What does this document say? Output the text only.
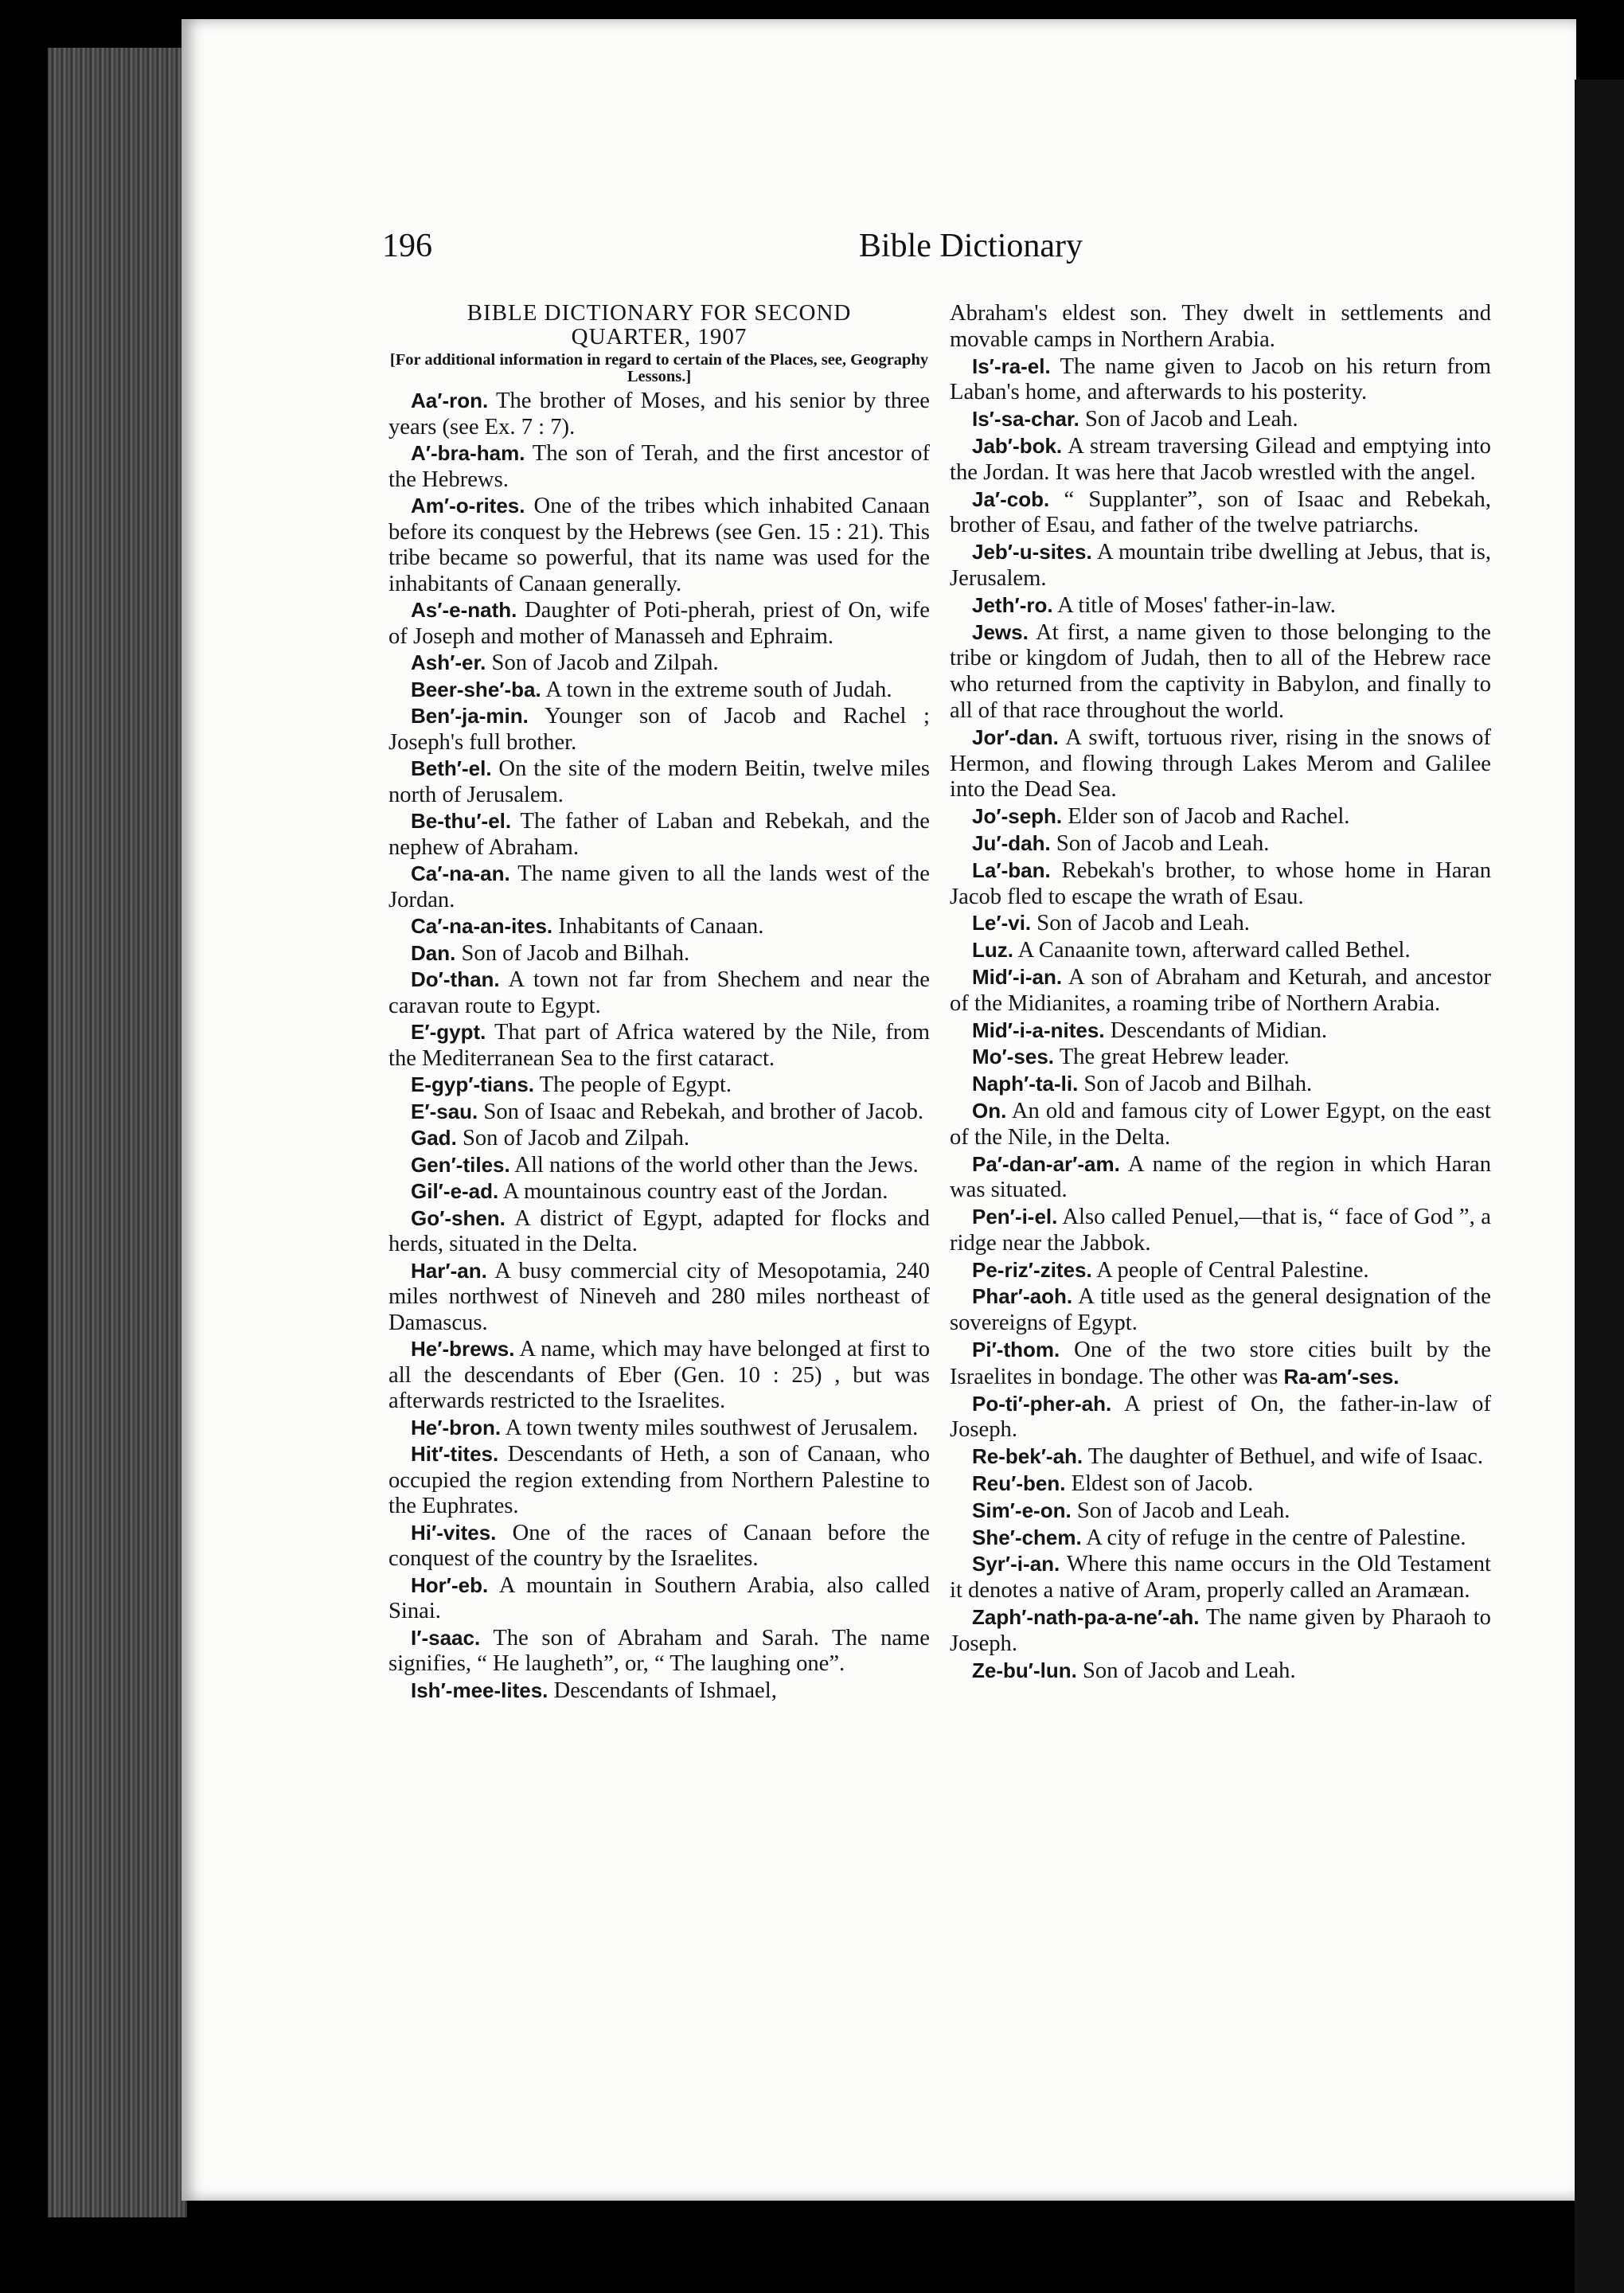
196	Bible Dictionary

BIBLE DICTIONARY FOR SECOND

QUARTER, 1907

[For additional information in regard to certain of the Places, see, Geography Lessons.]

Aa′-ron. The brother of Moses, and his senior by three years (see Ex. 7 : 7).

A′-bra-ham. The son of Terah, and the first ancestor of the Hebrews.

Am′-o-rites. One of the tribes which inhabited Canaan before its conquest by the Hebrews (see Gen. 15 : 21). This tribe became so powerful, that its name was used for the inhabitants of Canaan generally.

As′-e-nath. Daughter of Poti-pherah, priest of On, wife of Joseph and mother of Manasseh and Ephraim.

Ash′-er. Son of Jacob and Zilpah.

Beer-she′-ba. A town in the extreme south of Judah.

Ben′-ja-min. Younger son of Jacob and Rachel ; Joseph's full brother.

Beth′-el. On the site of the modern Beitin, twelve miles north of Jerusalem.

Be-thu′-el. The father of Laban and Rebekah, and the nephew of Abraham.

Ca′-na-an. The name given to all the lands west of the Jordan.

Ca′-na-an-ites. Inhabitants of Canaan.

Dan. Son of Jacob and Bilhah.

Do′-than. A town not far from Shechem and near the caravan route to Egypt.

E′-gypt. That part of Africa watered by the Nile, from the Mediterranean Sea to the first cataract.

E-gyp′-tians. The people of Egypt.

E′-sau. Son of Isaac and Rebekah, and brother of Jacob.

Gad. Son of Jacob and Zilpah.

Gen′-tiles. All nations of the world other than the Jews.

Gil′-e-ad. A mountainous country east of the Jordan.

Go′-shen. A district of Egypt, adapted for flocks and herds, situated in the Delta.

Har′-an. A busy commercial city of Mesopotamia, 240 miles northwest of Nineveh and 280 miles northeast of Damascus.

He′-brews. A name, which may have belonged at first to all the descendants of Eber (Gen. 10 : 25) , but was afterwards restricted to the Israelites.

He′-bron. A town twenty miles southwest of Jerusalem.

Hit′-tites. Descendants of Heth, a son of Canaan, who occupied the region extending from Northern Palestine to the Euphrates.

Hi′-vites. One of the races of Canaan before the conquest of the country by the Israelites.

Hor′-eb. A mountain in Southern Arabia, also called Sinai.

I′-saac. The son of Abraham and Sarah. The name signifies, “ He laugheth”, or, “ The laughing one”.

Ish′-mee-lites. Descendants of Ishmael,

Abraham's eldest son. They dwelt in settlements and movable camps in Northern Arabia.

Is′-ra-el. The name given to Jacob on his return from Laban's home, and afterwards to his posterity.

Is′-sa-char. Son of Jacob and Leah.

Jab′-bok. A stream traversing Gilead and emptying into the Jordan. It was here that Jacob wrestled with the angel.

Ja′-cob. “ Supplanter”, son of Isaac and Rebekah, brother of Esau, and father of the twelve patriarchs.

Jeb′-u-sites. A mountain tribe dwelling at Jebus, that is, Jerusalem.

Jeth′-ro. A title of Moses' father-in-law.

Jews. At first, a name given to those belonging to the tribe or kingdom of Judah, then to all of the Hebrew race who returned from the captivity in Babylon, and finally to all of that race throughout the world.

Jor′-dan. A swift, tortuous river, rising in the snows of Hermon, and flowing through Lakes Merom and Galilee into the Dead Sea.

Jo′-seph. Elder son of Jacob and Rachel.

Ju′-dah. Son of Jacob and Leah.

La′-ban. Rebekah's brother, to whose home in Haran Jacob fled to escape the wrath of Esau.

Le′-vi. Son of Jacob and Leah.

Luz. A Canaanite town, afterward called Bethel.

Mid′-i-an. A son of Abraham and Keturah, and ancestor of the Midianites, a roaming tribe of Northern Arabia.

Mid′-i-a-nites. Descendants of Midian.

Mo′-ses. The great Hebrew leader.

Naph′-ta-li. Son of Jacob and Bilhah.

On. An old and famous city of Lower Egypt, on the east of the Nile, in the Delta.

Pa′-dan-ar′-am. A name of the region in which Haran was situated.

Pen′-i-el. Also called Penuel,—that is, “ face of God ”, a ridge near the Jabbok.

Pe-riz′-zites. A people of Central Palestine.

Phar′-aoh. A title used as the general designation of the sovereigns of Egypt.

Pi′-thom. One of the two store cities built by the Israelites in bondage. The other was Ra-am′-ses.

Po-ti′-pher-ah. A priest of On, the father-in-law of Joseph.

Re-bek′-ah. The daughter of Bethuel, and wife of Isaac.

Reu′-ben. Eldest son of Jacob.

Sim′-e-on. Son of Jacob and Leah.

She′-chem. A city of refuge in the centre of Palestine.

Syr′-i-an. Where this name occurs in the Old Testament it denotes a native of Aram, properly called an Aramæan.

Zaph′-nath-pa-a-ne′-ah. The name given by Pharaoh to Joseph.

Ze-bu′-lun. Son of Jacob and Leah.
